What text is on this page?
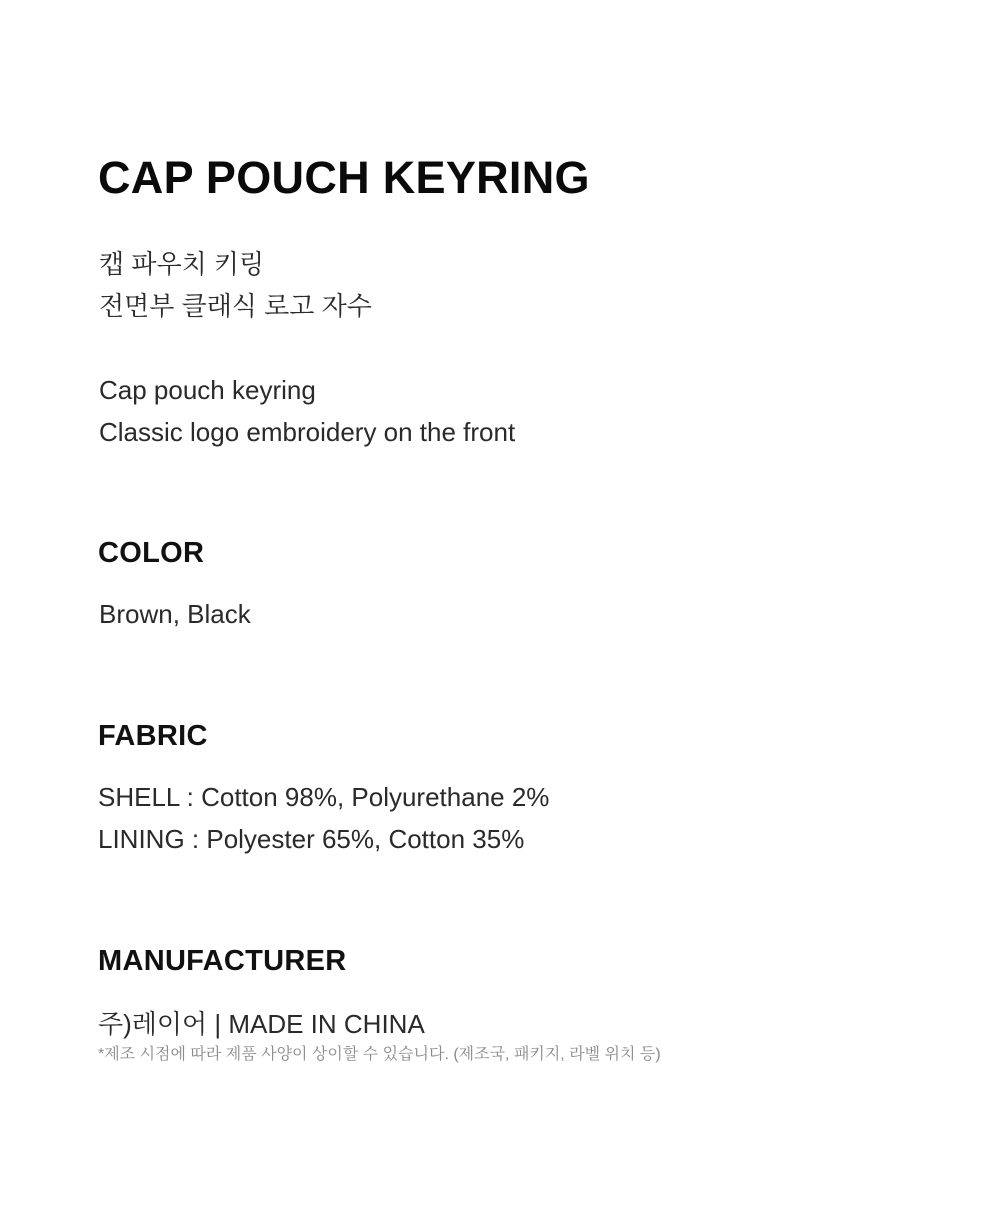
CAP POUCH KEYRING
캡 파우치 키링
전면부 클래식 로고 자수
Cap pouch keyring
Classic logo embroidery on the front
COLOR
Brown, Black
FABRIC
SHELL : Cotton 98%, Polyurethane 2%
LINING : Polyester 65%, Cotton 35%
MANUFACTURER
주)레이어 | MADE IN CHINA
*제조 시점에 따라 제품 사양이 상이할 수 있습니다. (제조국, 패키지, 라벨 위치 등)
